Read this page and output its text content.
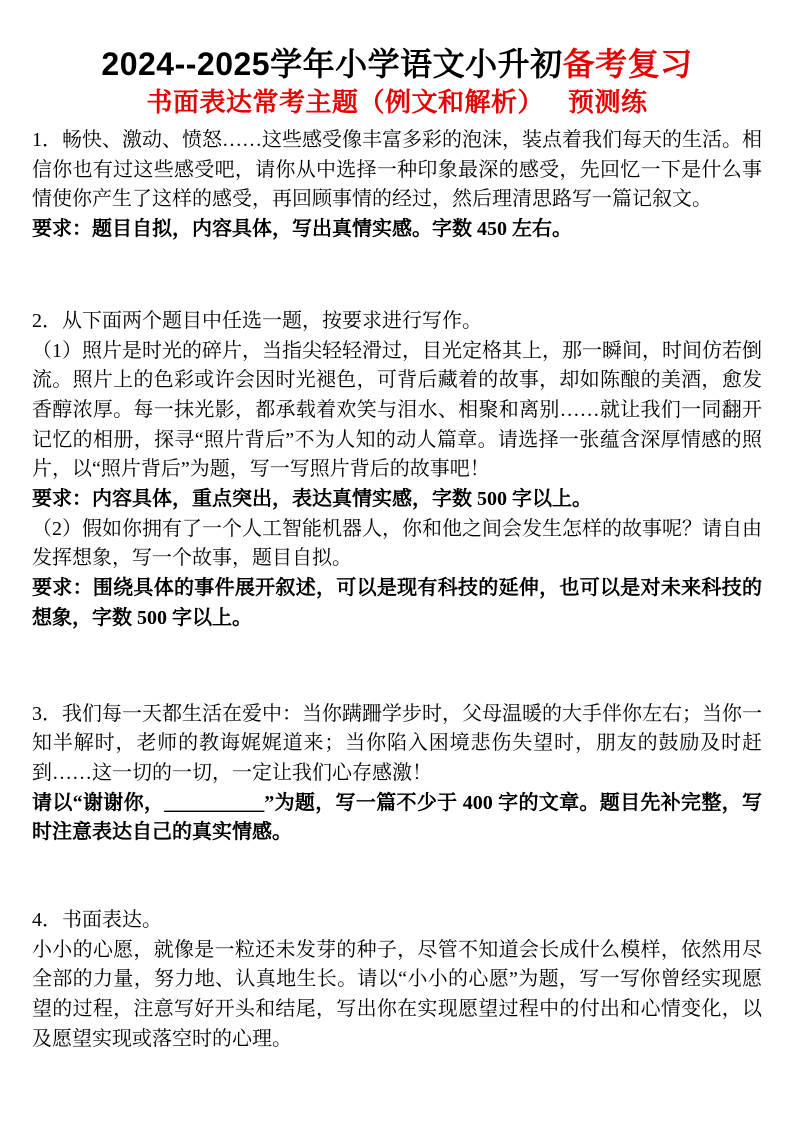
2024--2025学年小学语文小升初备考复习
书面表达常考主题（例文和解析） 预测练

1．畅快、激动、愤怒……这些感受像丰富多彩的泡沫，装点着我们每天的生活。相信你也有过这些感受吧，请你从中选择一种印象最深的感受，先回忆一下是什么事情使你产生了这样的感受，再回顾事情的经过，然后理清思路写一篇记叙文。

要求：题目自拟，内容具体，写出真情实感。字数 450 左右。

2．从下面两个题目中任选一题，按要求进行写作。

（1）照片是时光的碎片，当指尖轻轻滑过，目光定格其上，那一瞬间，时间仿若倒流。照片上的色彩或许会因时光褪色，可背后藏着的故事，却如陈酿的美酒，愈发香醇浓厚。每一抹光影，都承载着欢笑与泪水、相聚和离别……就让我们一同翻开记忆的相册，探寻“照片背后”不为人知的动人篇章。请选择一张蕴含深厚情感的照片，以“照片背后”为题，写一写照片背后的故事吧！

要求：内容具体，重点突出，表达真情实感，字数 500 字以上。

（2）假如你拥有了一个人工智能机器人，你和他之间会发生怎样的故事呢？请自由发挥想象，写一个故事，题目自拟。

要求：围绕具体的事件展开叙述，可以是现有科技的延伸，也可以是对未来科技的想象，字数 500 字以上。

3．我们每一天都生活在爱中：当你蹒跚学步时，父母温暖的大手伴你左右；当你一知半解时，老师的教诲娓娓道来；当你陷入困境悲伤失望时，朋友的鼓励及时赶到……这一切的一切，一定让我们心存感激！

请以“谢谢你，__________”为题，写一篇不少于 400 字的文章。题目先补完整，写时注意表达自己的真实情感。

4．书面表达。

小小的心愿，就像是一粒还未发芽的种子，尽管不知道会长成什么模样，依然用尽全部的力量，努力地、认真地生长。请以“小小的心愿”为题，写一写你曾经实现愿望的过程，注意写好开头和结尾，写出你在实现愿望过程中的付出和心情变化，以及愿望实现或落空时的心理。
